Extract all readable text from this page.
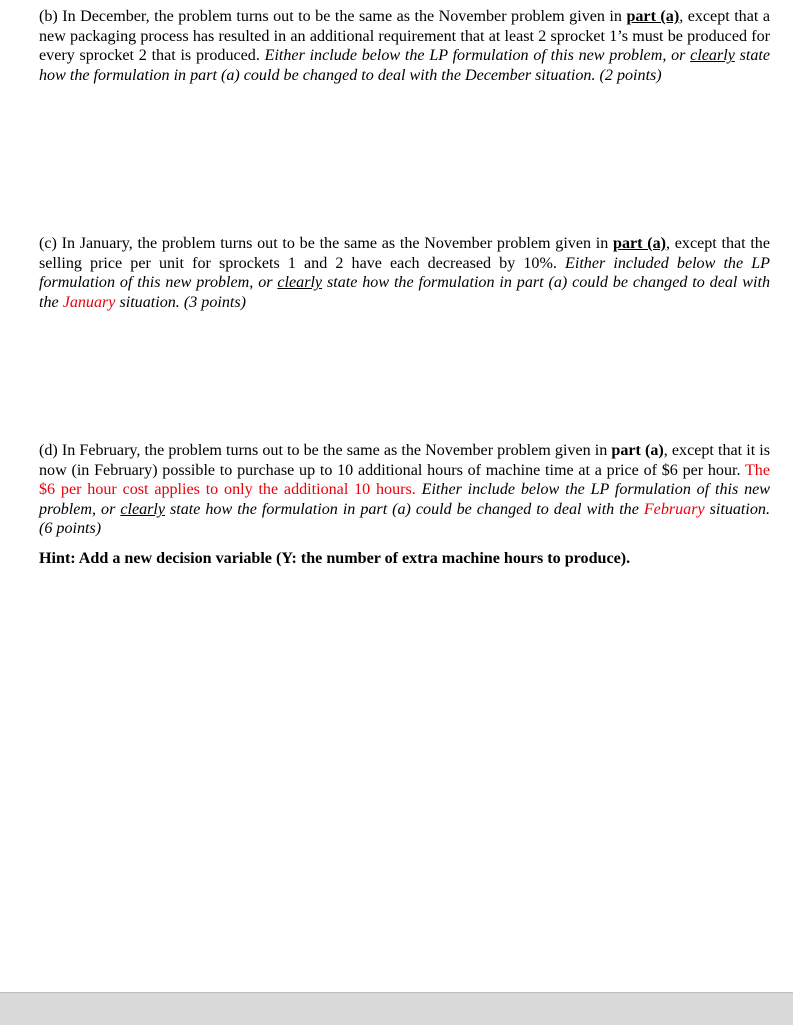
(b) In December, the problem turns out to be the same as the November problem given in part (a), except that a new packaging process has resulted in an additional requirement that at least 2 sprocket 1’s must be produced for every sprocket 2 that is produced. Either include below the LP formulation of this new problem, or clearly state how the formulation in part (a) could be changed to deal with the December situation. (2 points)

(c) In January, the problem turns out to be the same as the November problem given in part (a), except that the selling price per unit for sprockets 1 and 2 have each decreased by 10%. Either included below the LP formulation of this new problem, or clearly state how the formulation in part (a) could be changed to deal with the January situation. (3 points)

(d) In February, the problem turns out to be the same as the November problem given in part (a), except that it is now (in February) possible to purchase up to 10 additional hours of machine time at a price of $6 per hour. The $6 per hour cost applies to only the additional 10 hours. Either include below the LP formulation of this new problem, or clearly state how the formulation in part (a) could be changed to deal with the February situation. (6 points)

Hint: Add a new decision variable (Y: the number of extra machine hours to produce).
